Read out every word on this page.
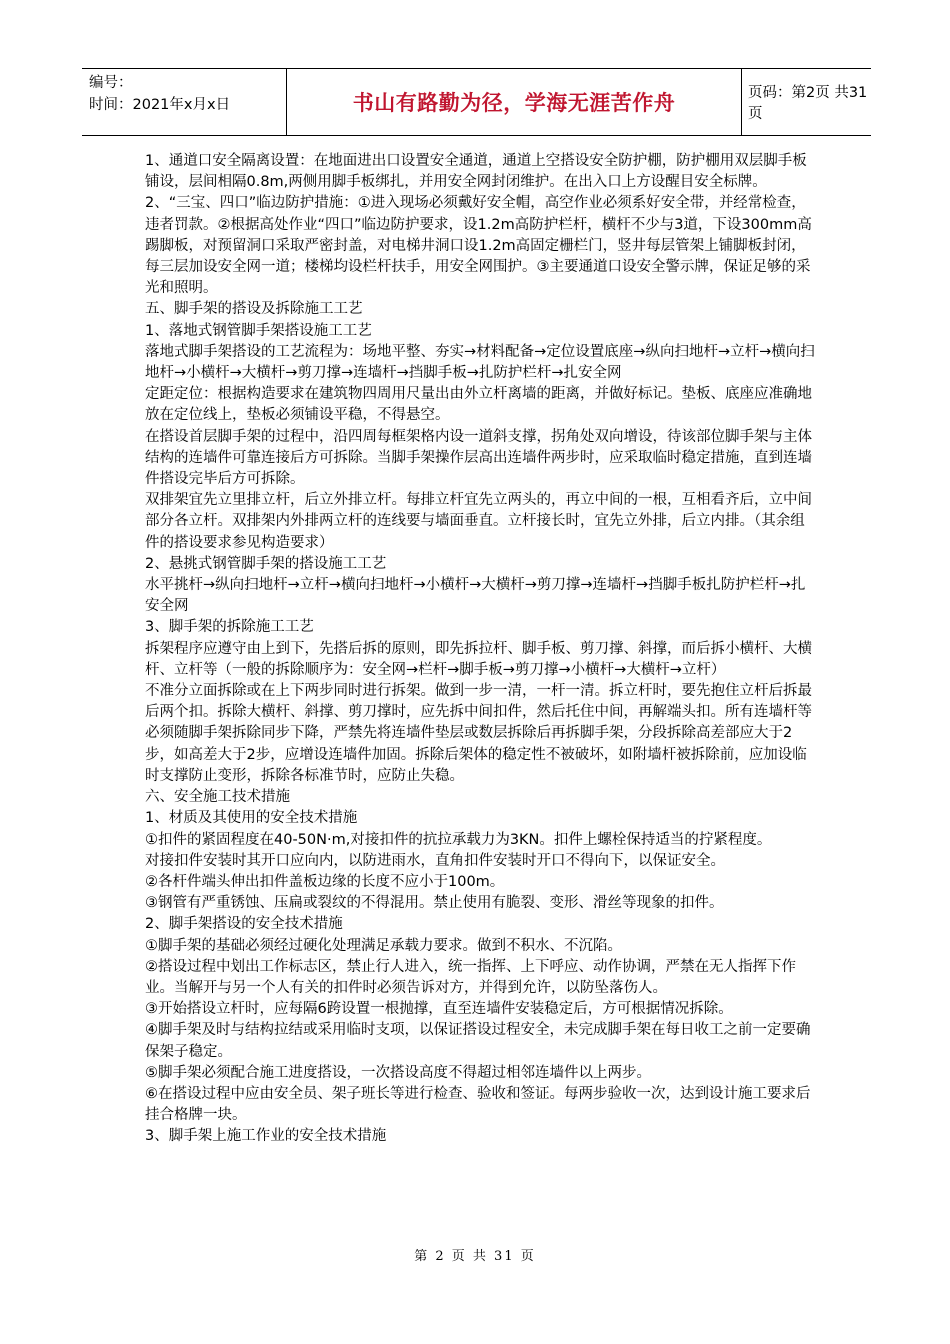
编号：
时间：2021年x月x日	书山有路勤为径，学海无涯苦作舟	页码：第2页 共31页

1、通道口安全隔离设置：在地面进出口设置安全通道，通道上空搭设安全防护棚，防护棚用双层脚手板铺设，层间相隔0.8m,两侧用脚手板绑扎，并用安全网封闭维护。在出入口上方设醒目安全标牌。

2、“三宝、四口”临边防护措施：①进入现场必须戴好安全帽，高空作业必须系好安全带，并经常检查，违者罚款。②根据高处作业“四口”临边防护要求，设1.2m高防护栏杆，横杆不少与3道，下设300mm高踢脚板，对预留洞口采取严密封盖，对电梯井洞口设1.2m高固定栅栏门，竖井每层管架上铺脚板封闭，每三层加设安全网一道；楼梯均设栏杆扶手，用安全网围护。③主要通道口设安全警示牌，保证足够的采光和照明。

五、脚手架的搭设及拆除施工工艺

1、落地式钢管脚手架搭设施工工艺

落地式脚手架搭设的工艺流程为：场地平整、夯实→材料配备→定位设置底座→纵向扫地杆→立杆→横向扫地杆→小横杆→大横杆→剪刀撑→连墙杆→挡脚手板→扎防护栏杆→扎安全网

定距定位：根据构造要求在建筑物四周用尺量出由外立杆离墙的距离，并做好标记。垫板、底座应准确地放在定位线上，垫板必须铺设平稳，不得悬空。

在搭设首层脚手架的过程中，沿四周每框架格内设一道斜支撑，拐角处双向增设，待该部位脚手架与主体结构的连墙件可靠连接后方可拆除。当脚手架操作层高出连墙件两步时，应采取临时稳定措施，直到连墙件搭设完毕后方可拆除。

双排架宜先立里排立杆，后立外排立杆。每排立杆宜先立两头的，再立中间的一根，互相看齐后，立中间部分各立杆。双排架内外排两立杆的连线要与墙面垂直。立杆接长时，宜先立外排，后立内排。（其余组件的搭设要求参见构造要求）

2、悬挑式钢管脚手架的搭设施工工艺

水平挑杆→纵向扫地杆→立杆→横向扫地杆→小横杆→大横杆→剪刀撑→连墙杆→挡脚手板扎防护栏杆→扎安全网

3、脚手架的拆除施工工艺

拆架程序应遵守由上到下，先搭后拆的原则，即先拆拉杆、脚手板、剪刀撑、斜撑，而后拆小横杆、大横杆、立杆等（一般的拆除顺序为：安全网→栏杆→脚手板→剪刀撑→小横杆→大横杆→立杆）

不准分立面拆除或在上下两步同时进行拆架。做到一步一清，一杆一清。拆立杆时，要先抱住立杆后拆最后两个扣。拆除大横杆、斜撑、剪刀撑时，应先拆中间扣件，然后托住中间，再解端头扣。所有连墙杆等必须随脚手架拆除同步下降，严禁先将连墙件垫层或数层拆除后再拆脚手架，分段拆除高差部应大于2步，如高差大于2步，应增设连墙件加固。拆除后架体的稳定性不被破坏，如附墙杆被拆除前，应加设临时支撑防止变形，拆除各标准节时，应防止失稳。

六、安全施工技术措施

1、材质及其使用的安全技术措施

①扣件的紧固程度在40-50N·m,对接扣件的抗拉承载力为3KN。扣件上螺栓保持适当的拧紧程度。

对接扣件安装时其开口应向内，以防进雨水，直角扣件安装时开口不得向下，以保证安全。

②各杆件端头伸出扣件盖板边缘的长度不应小于100m。

③钢管有严重锈蚀、压扁或裂纹的不得混用。禁止使用有脆裂、变形、滑丝等现象的扣件。

2、脚手架搭设的安全技术措施

①脚手架的基础必须经过硬化处理满足承载力要求。做到不积水、不沉陷。

②搭设过程中划出工作标志区，禁止行人进入，统一指挥、上下呼应、动作协调，严禁在无人指挥下作业。当解开与另一个人有关的扣件时必须告诉对方，并得到允许，以防坠落伤人。

③开始搭设立杆时，应每隔6跨设置一根抛撑，直至连墙件安装稳定后，方可根据情况拆除。

④脚手架及时与结构拉结或采用临时支项，以保证搭设过程安全，未完成脚手架在每日收工之前一定要确保架子稳定。

⑤脚手架必须配合施工进度搭设，一次搭设高度不得超过相邻连墙件以上两步。

⑥在搭设过程中应由安全员、架子班长等进行检查、验收和签证。每两步验收一次，达到设计施工要求后挂合格牌一块。

3、脚手架上施工作业的安全技术措施

第 2 页 共 31 页
